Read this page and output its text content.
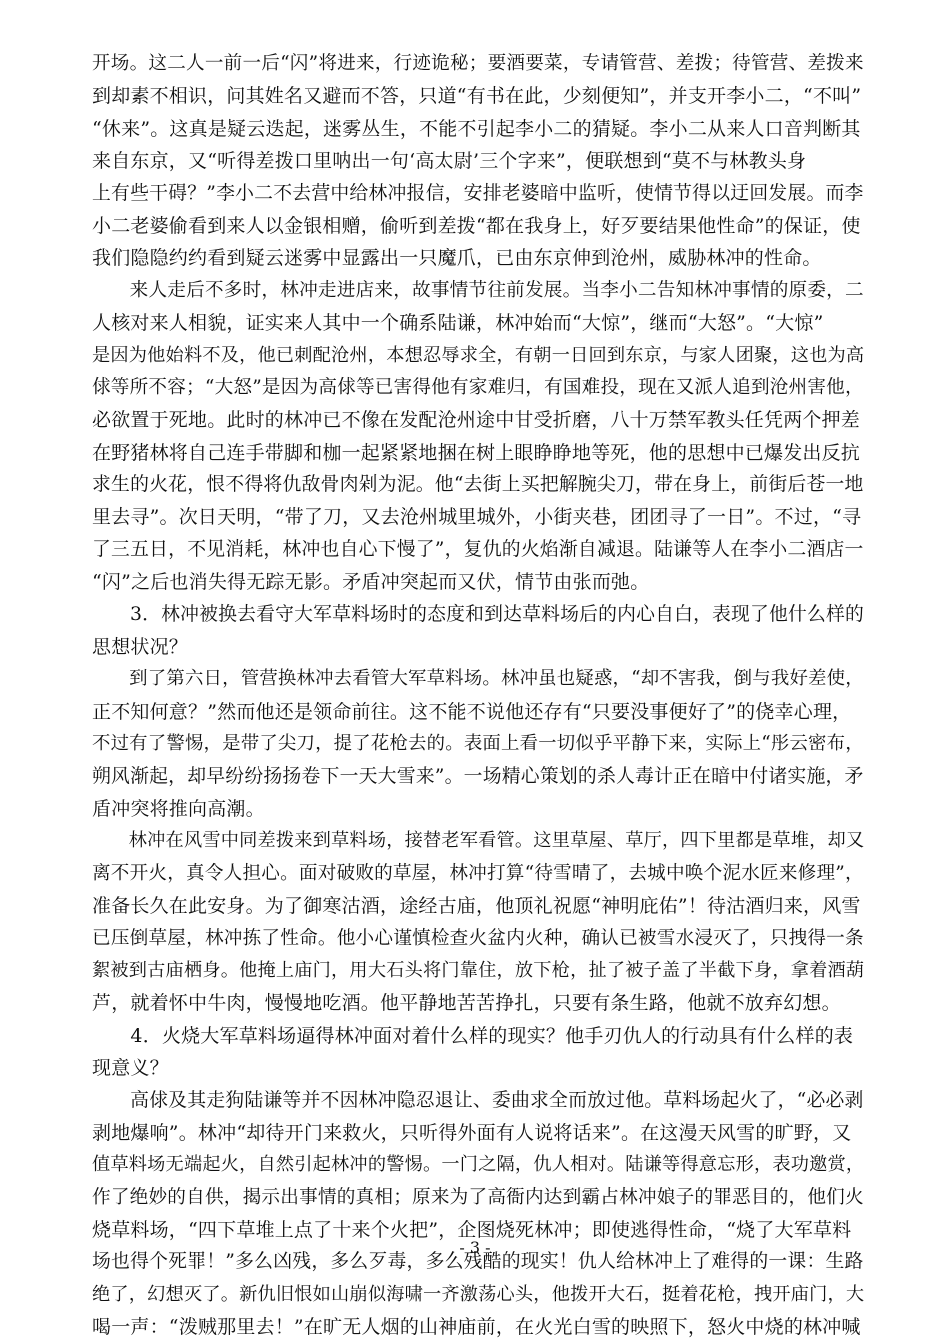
开场。这二人一前一后“闪”将进来，行迹诡秘；要酒要菜，专请管营、差拨；待管营、差拨来
到却素不相识，问其姓名又避而不答，只道“有书在此，少刻便知”，并支开李小二，“不叫”
“休来”。这真是疑云迭起，迷雾丛生，不能不引起李小二的猜疑。李小二从来人口音判断其
来自东京，又“听得差拨口里呐出一句‘高太尉’三个字来”，便联想到“莫不与林教头身
上有些干碍？”李小二不去营中给林冲报信，安排老婆暗中监听，使情节得以迂回发展。而李
小二老婆偷看到来人以金银相赠，偷听到差拨“都在我身上，好歹要结果他性命”的保证，使
我们隐隐约约看到疑云迷雾中显露出一只魔爪，已由东京伸到沧州，威胁林冲的性命。
　　来人走后不多时，林冲走进店来，故事情节往前发展。当李小二告知林冲事情的原委，二
人核对来人相貌，证实来人其中一个确系陆谦，林冲始而“大惊”，继而“大怒”。“大惊”
是因为他始料不及，他已刺配沧州，本想忍辱求全，有朝一日回到东京，与家人团聚，这也为高
俅等所不容；“大怒”是因为高俅等已害得他有家难归，有国难投，现在又派人追到沧州害他，
必欲置于死地。此时的林冲已不像在发配沧州途中甘受折磨，八十万禁军教头任凭两个押差
在野猪林将自己连手带脚和枷一起紧紧地捆在树上眼睁睁地等死，他的思想中已爆发出反抗
求生的火花，恨不得将仇敌骨肉剁为泥。他“去街上买把解腕尖刀，带在身上，前街后苍一地
里去寻”。次日天明，“带了刀，又去沧州城里城外，小街夹巷，团团寻了一日”。不过，“寻
了三五日，不见消耗，林冲也自心下慢了”，复仇的火焰渐自减退。陆谦等人在李小二酒店一
“闪”之后也消失得无踪无影。矛盾冲突起而又伏，情节由张而弛。
　　3．林冲被换去看守大军草料场时的态度和到达草料场后的内心自白，表现了他什么样的
思想状况？
　　到了第六日，管营换林冲去看管大军草料场。林冲虽也疑惑，“却不害我，倒与我好差使，
正不知何意？”然而他还是领命前往。这不能不说他还存有“只要没事便好了”的侥幸心理，
不过有了警惕，是带了尖刀，提了花枪去的。表面上看一切似乎平静下来，实际上“彤云密布，
朔风渐起，却早纷纷扬扬卷下一天大雪来”。一场精心策划的杀人毒计正在暗中付诸实施，矛
盾冲突将推向高潮。
　　林冲在风雪中同差拨来到草料场，接替老军看管。这里草屋、草厅，四下里都是草堆，却又
离不开火，真令人担心。面对破败的草屋，林冲打算“待雪晴了，去城中唤个泥水匠来修理”，
准备长久在此安身。为了御寒沽酒，途经古庙，他顶礼祝愿“神明庇佑”！待沽酒归来，风雪
已压倒草屋，林冲拣了性命。他小心谨慎检查火盆内火种，确认已被雪水浸灭了，只拽得一条
絮被到古庙栖身。他掩上庙门，用大石头将门靠住，放下枪，扯了被子盖了半截下身，拿着酒葫
芦，就着怀中牛肉，慢慢地吃酒。他平静地苦苦挣扎，只要有条生路，他就不放弃幻想。
　　4．火烧大军草料场逼得林冲面对着什么样的现实？他手刃仇人的行动具有什么样的表
现意义？
　　高俅及其走狗陆谦等并不因林冲隐忍退让、委曲求全而放过他。草料场起火了，“必必剥
剥地爆响”。林冲“却待开门来救火，只听得外面有人说将话来”。在这漫天风雪的旷野，又
值草料场无端起火，自然引起林冲的警惕。一门之隔，仇人相对。陆谦等得意忘形，表功邀赏，
作了绝妙的自供，揭示出事情的真相；原来为了高衙内达到霸占林冲娘子的罪恶目的，他们火
烧草料场，“四下草堆上点了十来个火把”，企图烧死林冲；即使逃得性命，“烧了大军草料
场也得个死罪！”多么凶残，多么歹毒，多么残酷的现实！仇人给林冲上了难得的一课：生路
绝了，幻想灭了。新仇旧恨如山崩似海啸一齐激荡心头，他拨开大石，挺着花枪，拽开庙门，大
喝一声：“泼贼那里去！”在旷无人烟的山神庙前，在火光白雪的映照下，怒火中烧的林冲喊
- 3 -
